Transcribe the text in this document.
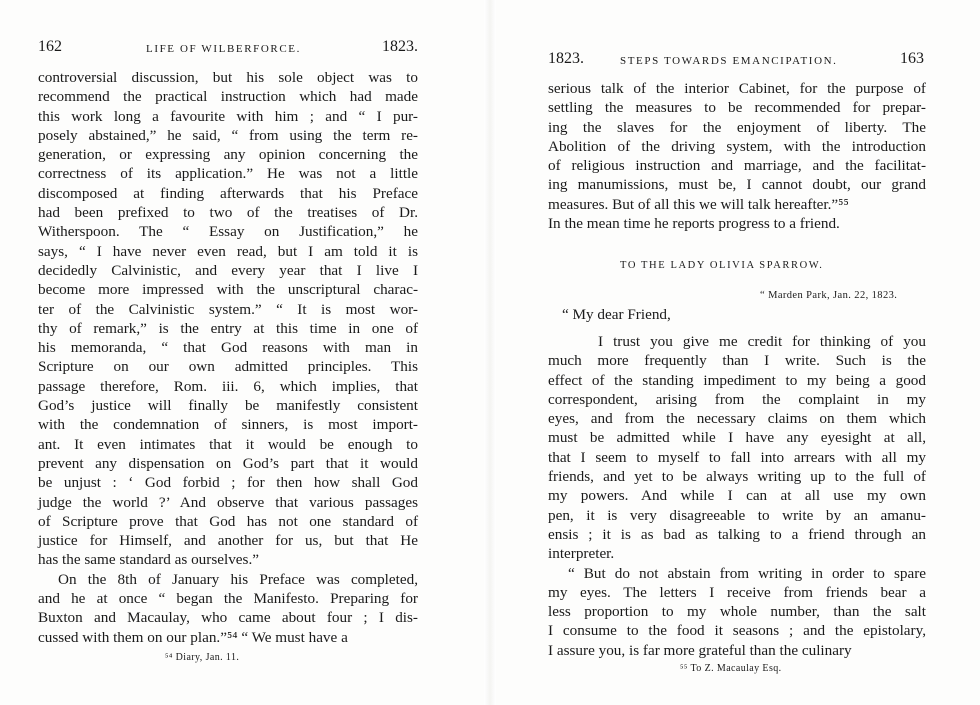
162	LIFE OF WILBERFORCE.	1823.
controversial discussion, but his sole object was to
recommend the practical instruction which had made
this work long a favourite with him ; and “ I pur-
posely abstained,” he said, “ from using the term re-
generation, or expressing any opinion concerning the
correctness of its application.” He was not a little
discomposed at finding afterwards that his Preface
had been prefixed to two of the treatises of Dr.
Witherspoon. The “ Essay on Justification,” he
says, “ I have never even read, but I am told it is
decidedly Calvinistic, and every year that I live I
become more impressed with the unscriptural charac-
ter of the Calvinistic system.” “ It is most wor-
thy of remark,” is the entry at this time in one of
his memoranda, “ that God reasons with man in
Scripture on our own admitted principles. This
passage therefore, Rom. iii. 6, which implies, that
God’s justice will finally be manifestly consistent
with the condemnation of sinners, is most import-
ant. It even intimates that it would be enough to
prevent any dispensation on God’s part that it would
be unjust : ‘ God forbid ; for then how shall God
judge the world ?’ And observe that various passages
of Scripture prove that God has not one standard of
justice for Himself, and another for us, but that He
has the same standard as ourselves.”
On the 8th of January his Preface was completed,
and he at once “ began the Manifesto. Preparing for
Buxton and Macaulay, who came about four ; I dis-
cussed with them on our plan.”⁵⁴ “ We must have a
⁵⁴ Diary, Jan. 11.
1823.	STEPS TOWARDS EMANCIPATION.	163
serious talk of the interior Cabinet, for the purpose of
settling the measures to be recommended for prepar-
ing the slaves for the enjoyment of liberty. The
Abolition of the driving system, with the introduction
of religious instruction and marriage, and the facilitat-
ing manumissions, must be, I cannot doubt, our grand
measures. But of all this we will talk hereafter.”⁵⁵
In the mean time he reports progress to a friend.
TO THE LADY OLIVIA SPARROW.
“ Marden Park, Jan. 22, 1823.
“ My dear Friend,
I trust you give me credit for thinking of you
much more frequently than I write. Such is the
effect of the standing impediment to my being a good
correspondent, arising from the complaint in my
eyes, and from the necessary claims on them which
must be admitted while I have any eyesight at all,
that I seem to myself to fall into arrears with all my
friends, and yet to be always writing up to the full of
my powers. And while I can at all use my own
pen, it is very disagreeable to write by an amanu-
ensis ; it is as bad as talking to a friend through an
interpreter.
“ But do not abstain from writing in order to spare
my eyes. The letters I receive from friends bear a
less proportion to my whole number, than the salt
I consume to the food it seasons ; and the epistolary,
I assure you, is far more grateful than the culinary
⁵⁵ To Z. Macaulay Esq.
